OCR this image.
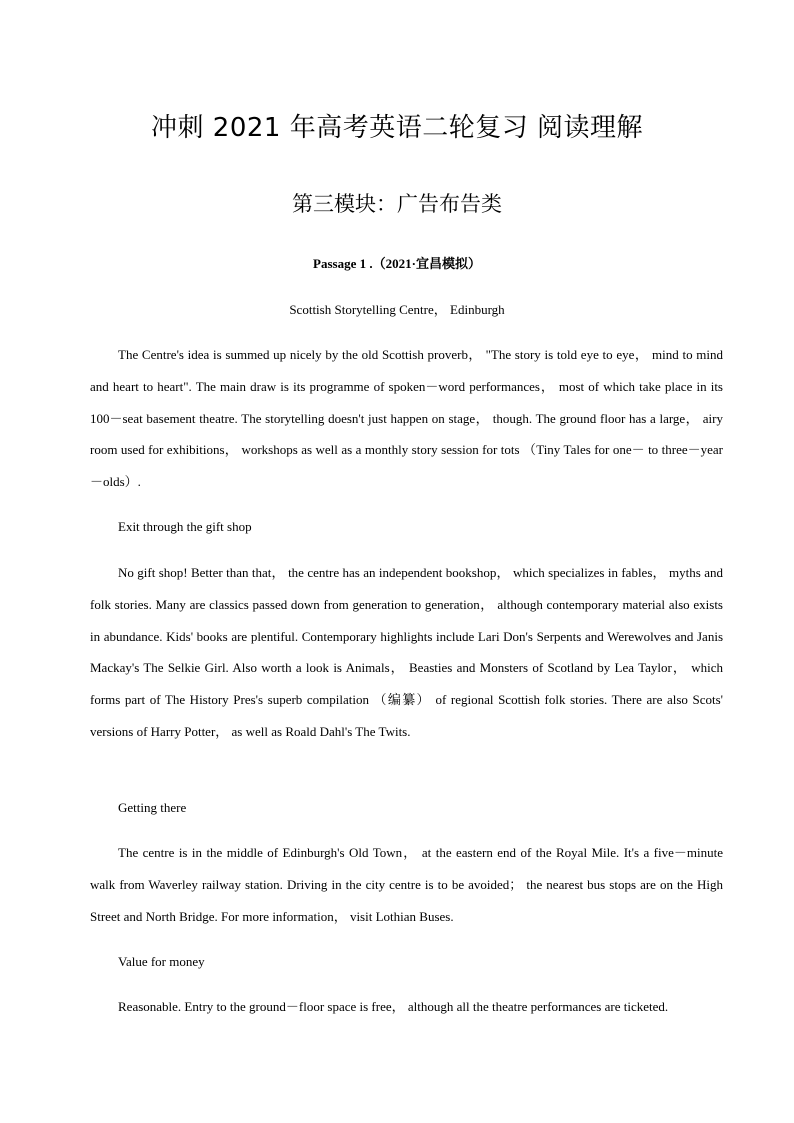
冲刺 2021 年高考英语二轮复习 阅读理解
第三模块：广告布告类
Passage 1 .（2021·宜昌模拟）
Scottish Storytelling Centre， Edinburgh

The Centre's idea is summed up nicely by the old Scottish proverb， "The story is told eye to eye， mind to mind and heart to heart". The main draw is its programme of spoken－word performances， most of which take place in its 100－seat basement theatre. The storytelling doesn't just happen on stage， though. The ground floor has a large， airy room used for exhibitions， workshops as well as a monthly story session for tots （Tiny Tales for one－ to three－year－olds）.

Exit through the gift shop

No gift shop! Better than that， the centre has an independent bookshop， which specializes in fables， myths and folk stories. Many are classics passed down from generation to generation， although contemporary material also exists in abundance. Kids' books are plentiful. Contemporary highlights include Lari Don's Serpents and Werewolves and Janis Mackay's The Selkie Girl. Also worth a look is Animals， Beasties and Monsters of Scotland by Lea Taylor， which forms part of The History Pres's superb compilation （编纂） of regional Scottish folk stories. There are also Scots' versions of Harry Potter， as well as Roald Dahl's The Twits.

Getting there

The centre is in the middle of Edinburgh's Old Town， at the eastern end of the Royal Mile. It's a five－minute walk from Waverley railway station. Driving in the city centre is to be avoided； the nearest bus stops are on the High Street and North Bridge. For more information， visit Lothian Buses.

Value for money

Reasonable. Entry to the ground－floor space is free， although all the theatre performances are ticketed.
